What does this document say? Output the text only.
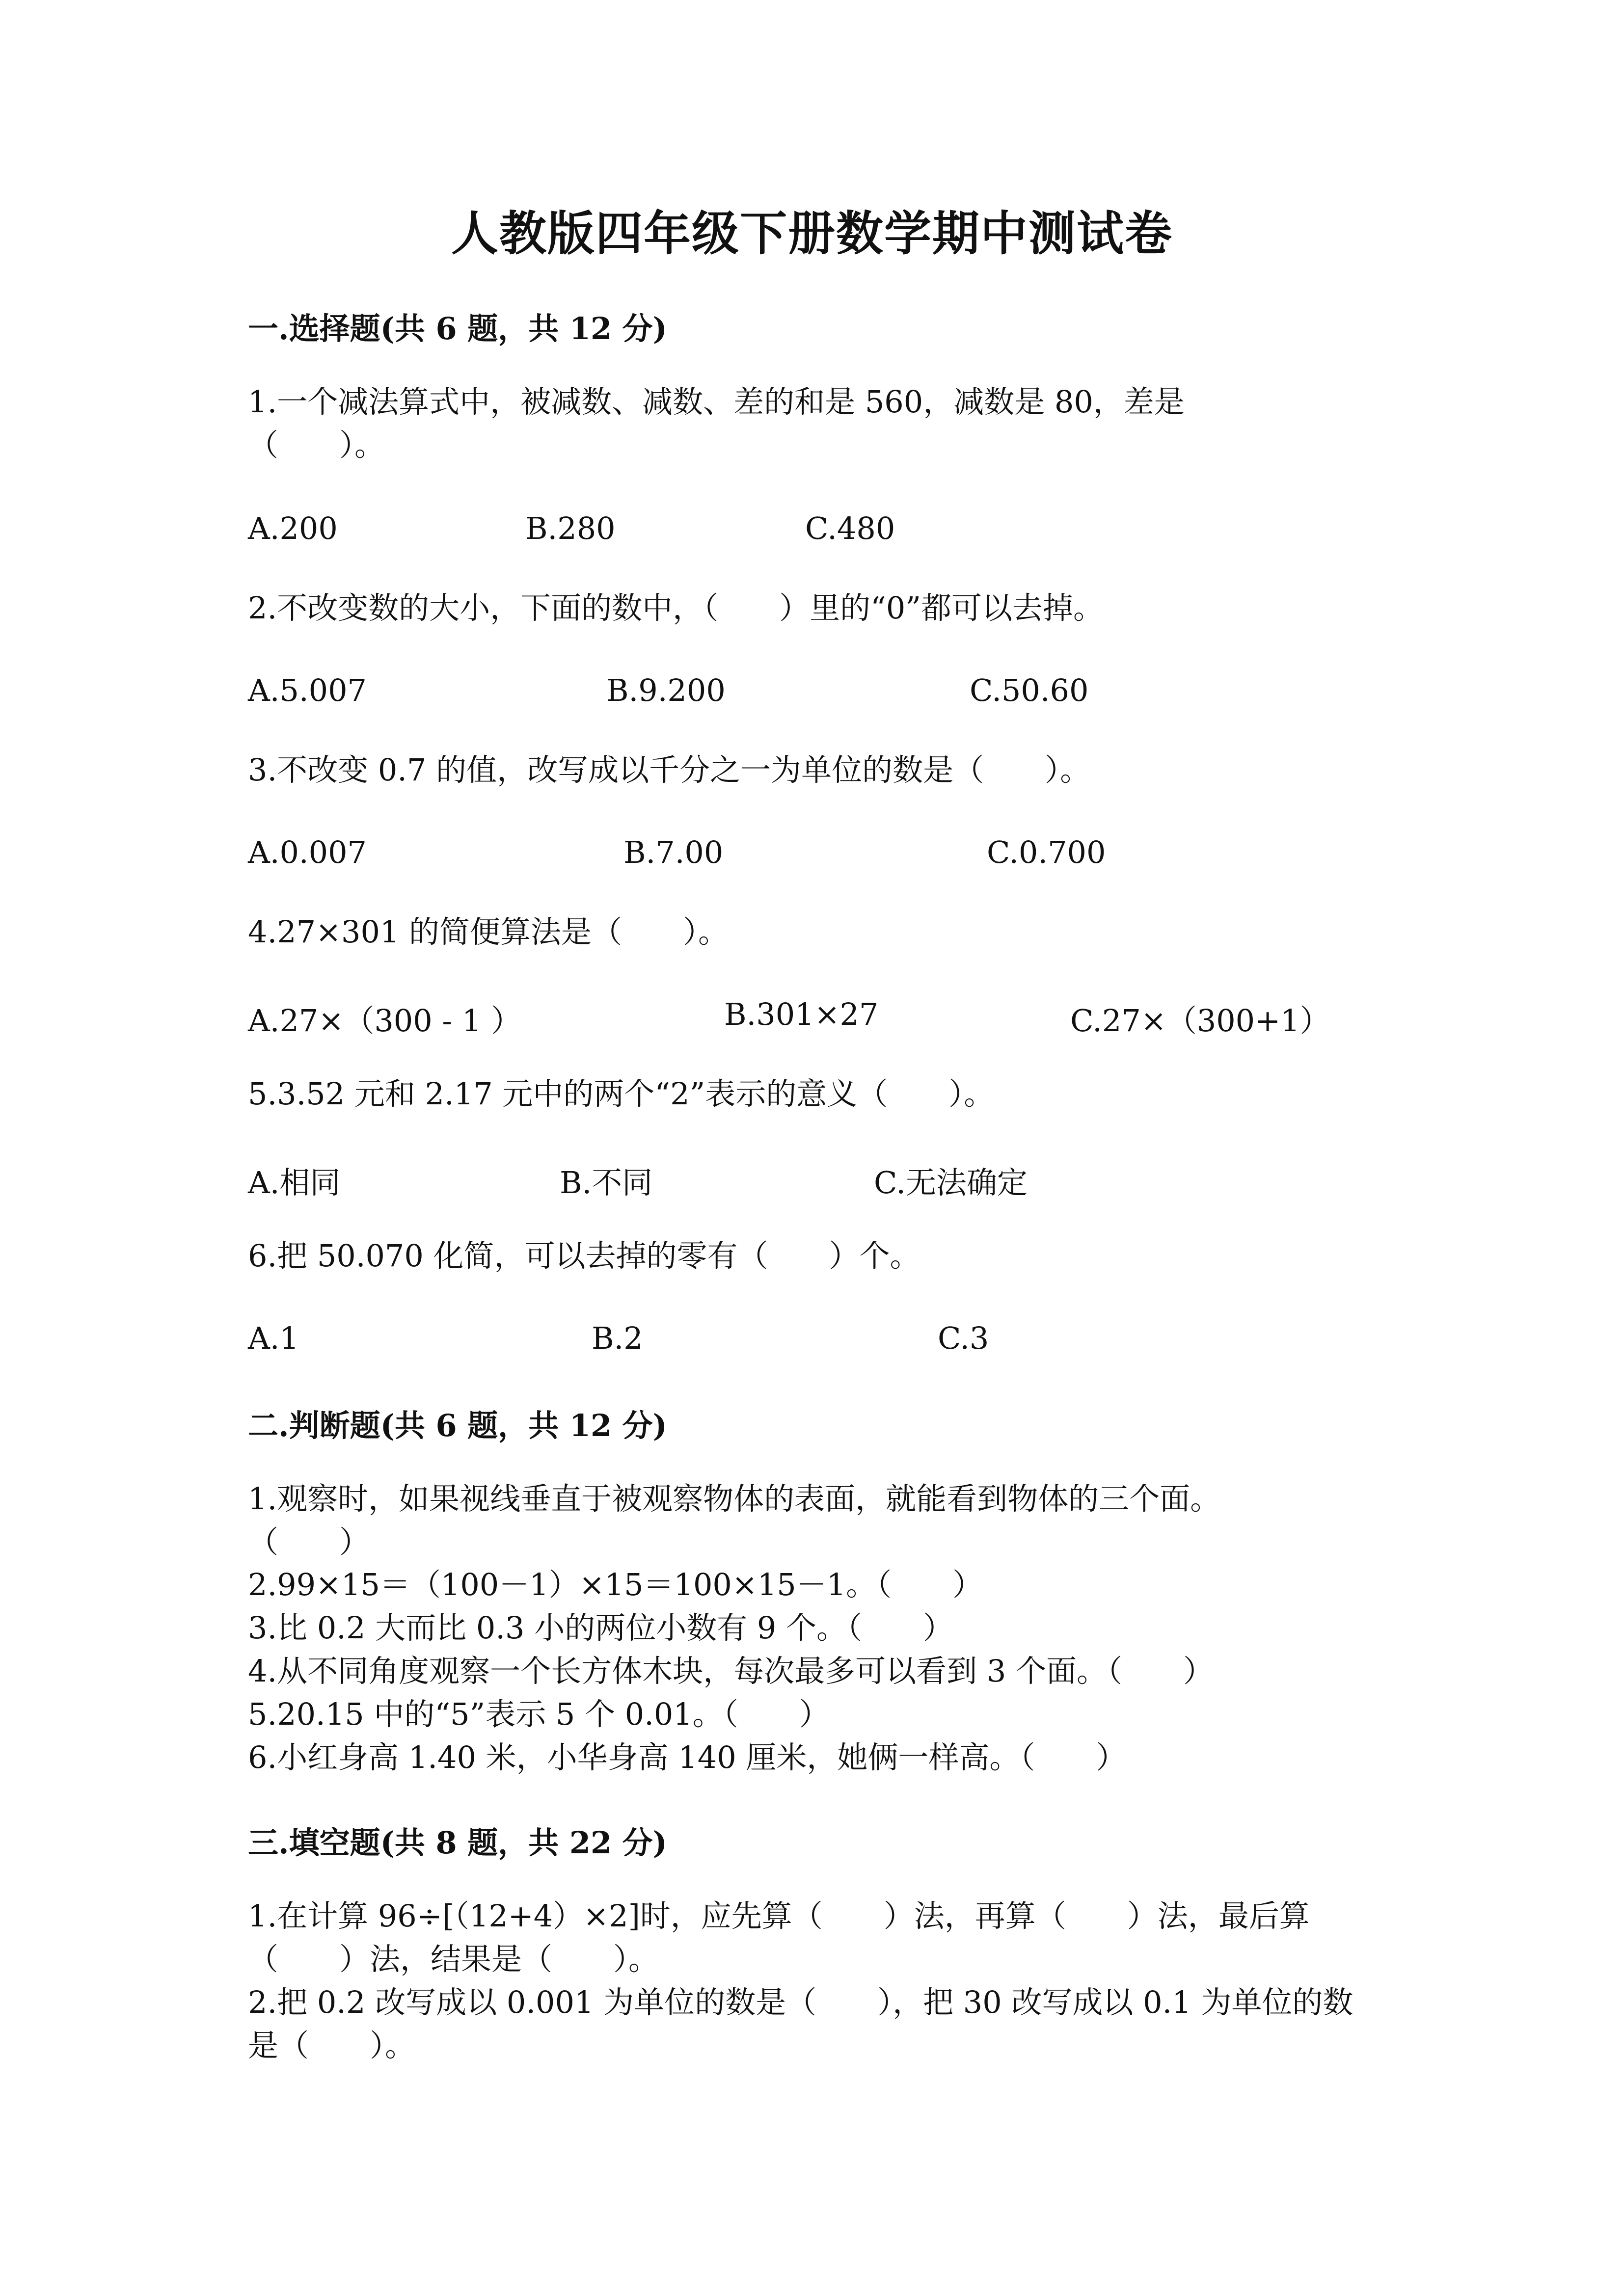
人教版四年级下册数学期中测试卷
一.选择题(共 6 题，共 12 分)
1.一个减法算式中，被减数、减数、差的和是 560，减数是 80，差是（　　）。
A.200	B.280	C.480
2.不改变数的大小，下面的数中，（　　）里的“0”都可以去掉。
A.5.007	B.9.200	C.50.60
3.不改变 0.7 的值，改写成以千分之一为单位的数是（　　）。
A.0.007	B.7.00	C.0.700
4.27×301 的简便算法是（　　）。
A.27×（300 - 1 ）	B.301×27	C.27×（300+1）
5.3.52 元和 2.17 元中的两个“2”表示的意义（　　）。
A.相同	B.不同	C.无法确定
6.把 50.070 化简，可以去掉的零有（　　）个。
A.1	B.2	C.3
二.判断题(共 6 题，共 12 分)
1.观察时，如果视线垂直于被观察物体的表面，就能看到物体的三个面。（　　）
2.99×15＝（100－1）×15＝100×15－1。（　　）
3.比 0.2 大而比 0.3 小的两位小数有 9 个。（　　）
4.从不同角度观察一个长方体木块，每次最多可以看到 3 个面。（　　）
5.20.15 中的“5”表示 5 个 0.01。（　　）
6.小红身高 1.40 米，小华身高 140 厘米，她俩一样高。（　　）
三.填空题(共 8 题，共 22 分)
1.在计算 96÷[（12+4）×2]时，应先算（　　）法，再算（　　）法，最后算（　　）法，结果是（　　）。
2.把 0.2 改写成以 0.001 为单位的数是（　　），把 30 改写成以 0.1 为单位的数是（　　）。
